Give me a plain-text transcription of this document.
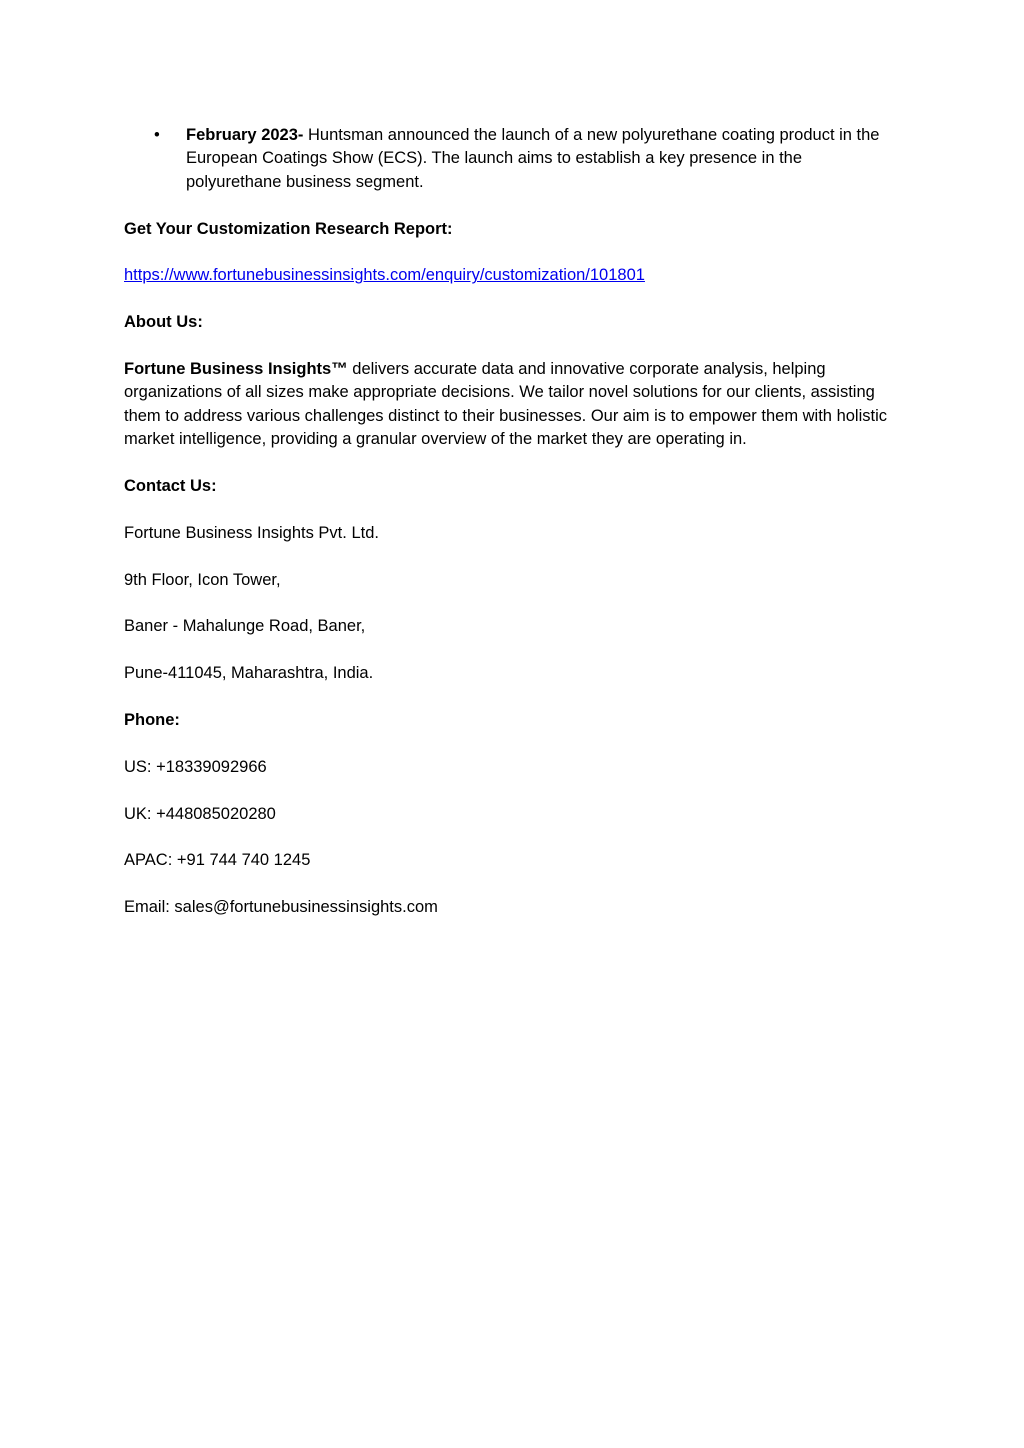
• February 2023- Huntsman announced the launch of a new polyurethane coating product in the European Coatings Show (ECS). The launch aims to establish a key presence in the polyurethane business segment.

Get Your Customization Research Report:

https://www.fortunebusinessinsights.com/enquiry/customization/101801

About Us:

Fortune Business Insights™ delivers accurate data and innovative corporate analysis, helping organizations of all sizes make appropriate decisions. We tailor novel solutions for our clients, assisting them to address various challenges distinct to their businesses. Our aim is to empower them with holistic market intelligence, providing a granular overview of the market they are operating in.

Contact Us:

Fortune Business Insights Pvt. Ltd.

9th Floor, Icon Tower,

Baner - Mahalunge Road, Baner,

Pune-411045, Maharashtra, India.

Phone:

US: +18339092966

UK: +448085020280

APAC: +91 744 740 1245

Email: sales@fortunebusinessinsights.com
